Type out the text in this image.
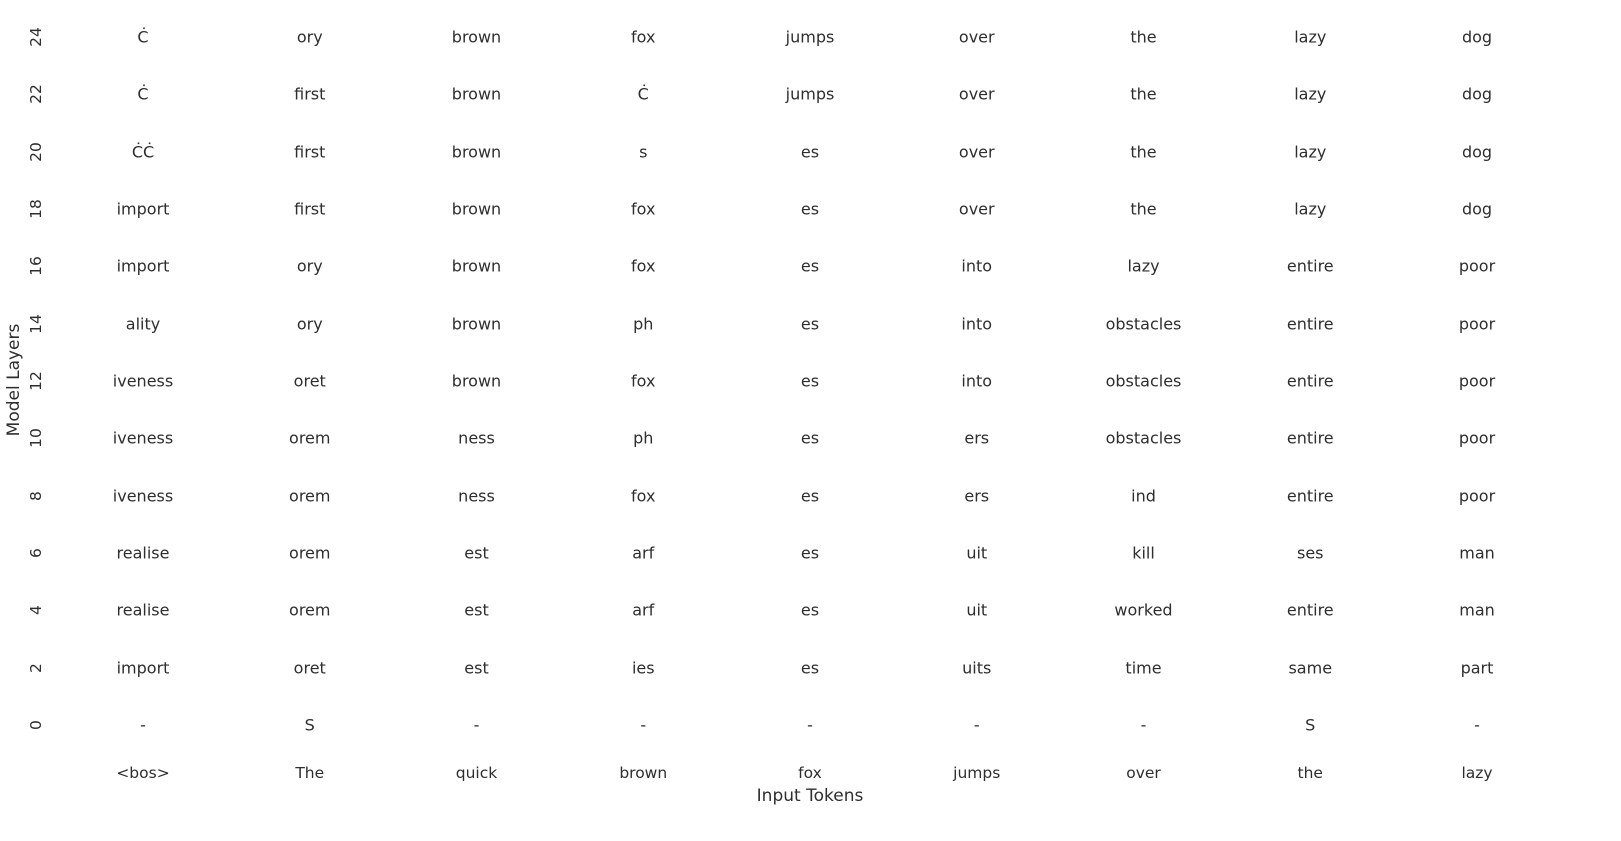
24	Ċ	ory	brown	fox	jumps	over	the	lazy	dog
22	Ċ	first	brown	Ċ	jumps	over	the	lazy	dog
20	ĊĊ	first	brown	s	es	over	the	lazy	dog
18	import	first	brown	fox	es	over	the	lazy	dog
16	import	ory	brown	fox	es	into	lazy	entire	poor
14	ality	ory	brown	ph	es	into	obstacles	entire	poor
12	iveness	oret	brown	fox	es	into	obstacles	entire	poor
10	iveness	orem	ness	ph	es	ers	obstacles	entire	poor
8	iveness	orem	ness	fox	es	ers	ind	entire	poor
6	realise	orem	est	arf	es	uit	kill	ses	man
4	realise	orem	est	arf	es	uit	worked	entire	man
2	import	oret	est	ies	es	uits	time	same	part
0	-	S	-	-	-	-	-	S	-
<bos>	The	quick	brown	fox	jumps	over	the	lazy
Model Layers
Input Tokens
